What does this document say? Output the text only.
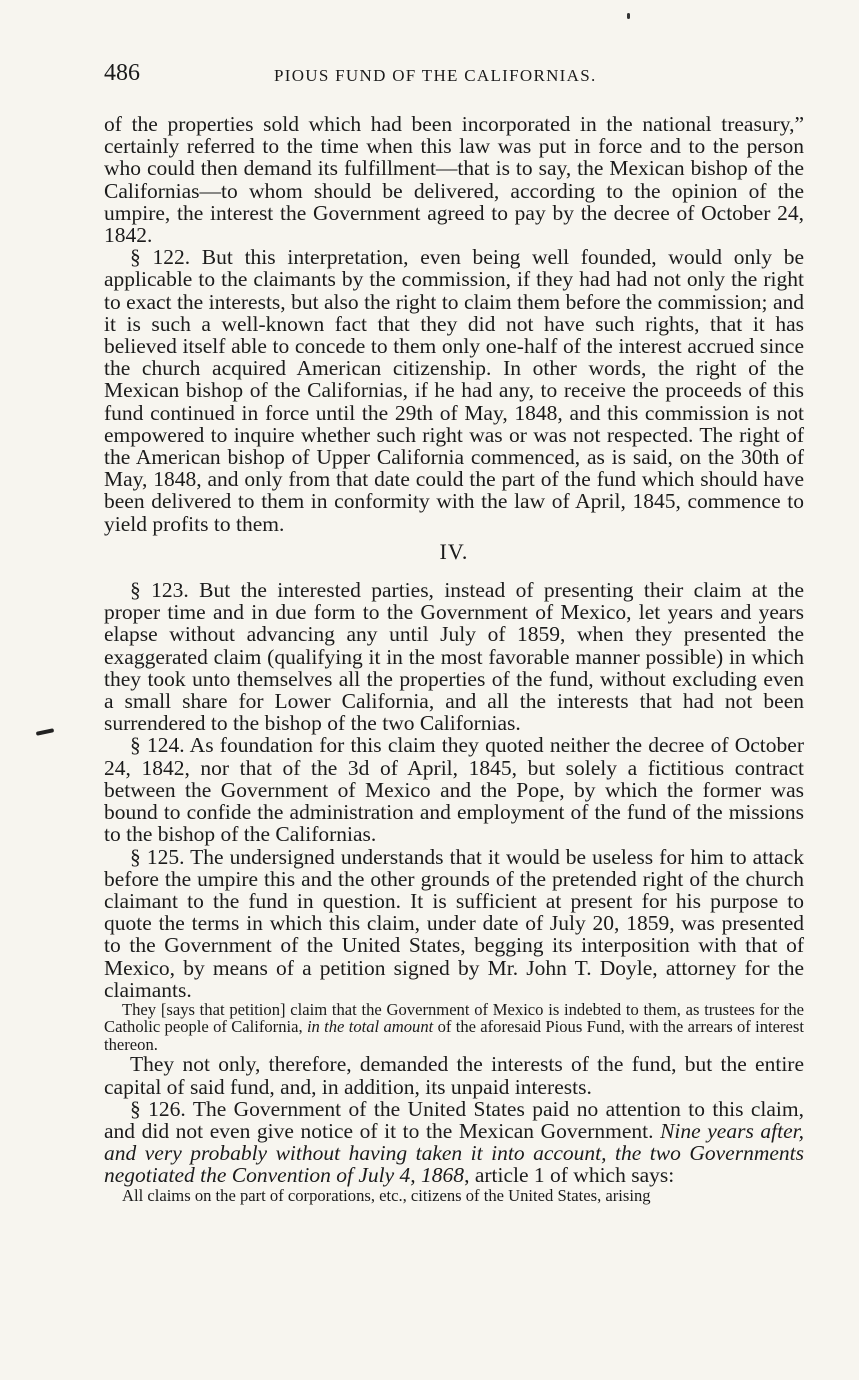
486	PIOUS FUND OF THE CALIFORNIAS.

of the properties sold which had been incorporated in the national treasury,” certainly referred to the time when this law was put in force and to the person who could then demand its fulfillment—that is to say, the Mexican bishop of the Californias—to whom should be delivered, according to the opinion of the umpire, the interest the Government agreed to pay by the decree of October 24, 1842.

§ 122. But this interpretation, even being well founded, would only be applicable to the claimants by the commission, if they had had not only the right to exact the interests, but also the right to claim them before the commission; and it is such a well-known fact that they did not have such rights, that it has believed itself able to concede to them only one-half of the interest accrued since the church acquired American citizenship. In other words, the right of the Mexican bishop of the Californias, if he had any, to receive the proceeds of this fund continued in force until the 29th of May, 1848, and this commission is not empowered to inquire whether such right was or was not respected. The right of the American bishop of Upper California commenced, as is said, on the 30th of May, 1848, and only from that date could the part of the fund which should have been delivered to them in conformity with the law of April, 1845, commence to yield profits to them.

IV.

§ 123. But the interested parties, instead of presenting their claim at the proper time and in due form to the Government of Mexico, let years and years elapse without advancing any until July of 1859, when they presented the exaggerated claim (qualifying it in the most favorable manner possible) in which they took unto themselves all the properties of the fund, without excluding even a small share for Lower California, and all the interests that had not been surrendered to the bishop of the two Californias.

§ 124. As foundation for this claim they quoted neither the decree of October 24, 1842, nor that of the 3d of April, 1845, but solely a fictitious contract between the Government of Mexico and the Pope, by which the former was bound to confide the administration and employment of the fund of the missions to the bishop of the Californias.

§ 125. The undersigned understands that it would be useless for him to attack before the umpire this and the other grounds of the pretended right of the church claimant to the fund in question. It is sufficient at present for his purpose to quote the terms in which this claim, under date of July 20, 1859, was presented to the Government of the United States, begging its interposition with that of Mexico, by means of a petition signed by Mr. John T. Doyle, attorney for the claimants.

They [says that petition] claim that the Government of Mexico is indebted to them, as trustees for the Catholic people of California, in the total amount of the aforesaid Pious Fund, with the arrears of interest thereon.

They not only, therefore, demanded the interests of the fund, but the entire capital of said fund, and, in addition, its unpaid interests.

§ 126. The Government of the United States paid no attention to this claim, and did not even give notice of it to the Mexican Government. Nine years after, and very probably without having taken it into account, the two Governments negotiated the Convention of July 4, 1868, article 1 of which says:

All claims on the part of corporations, etc., citizens of the United States, arising
